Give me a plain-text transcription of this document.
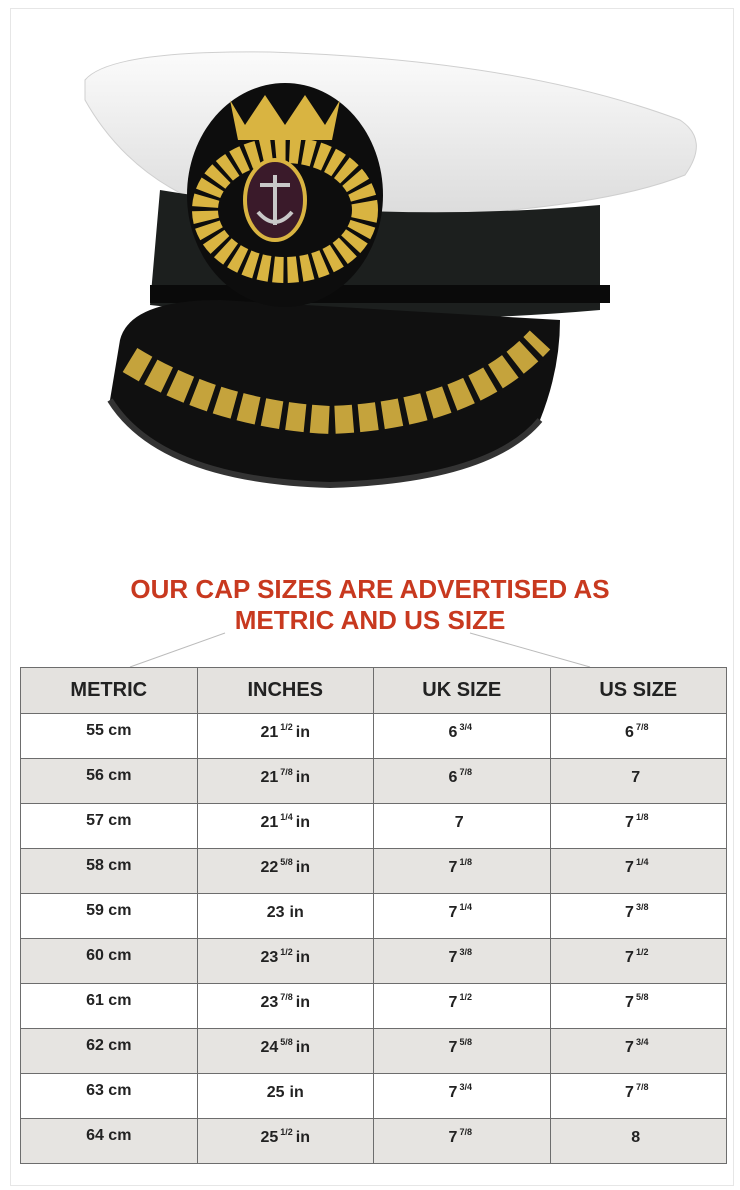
OUR CAP SIZES ARE ADVERTISED AS
METRIC AND US SIZE
METRIC	INCHES	UK SIZE	US SIZE
55 cm	21 $^{1/2}$ in	6 $^{3/4}$	6 $^{7/8}$
56 cm	21 $^{7/8}$ in	6 $^{7/8}$	7
57 cm	21 $^{1/4}$ in	7	7 $^{1/8}$
58 cm	22 $^{5/8}$ in	7 $^{1/8}$	7 $^{1/4}$
59 cm	23 in	7 $^{1/4}$	7 $^{3/8}$
60 cm	23 $^{1/2}$ in	7 $^{3/8}$	7 $^{1/2}$
61 cm	23 $^{7/8}$ in	7 $^{1/2}$	7 $^{5/8}$
62 cm	24 $^{5/8}$ in	7 $^{5/8}$	7 $^{3/4}$
63 cm	25 in	7 $^{3/4}$	7 $^{7/8}$
64 cm	25 $^{1/2}$ in	7 $^{7/8}$	8
